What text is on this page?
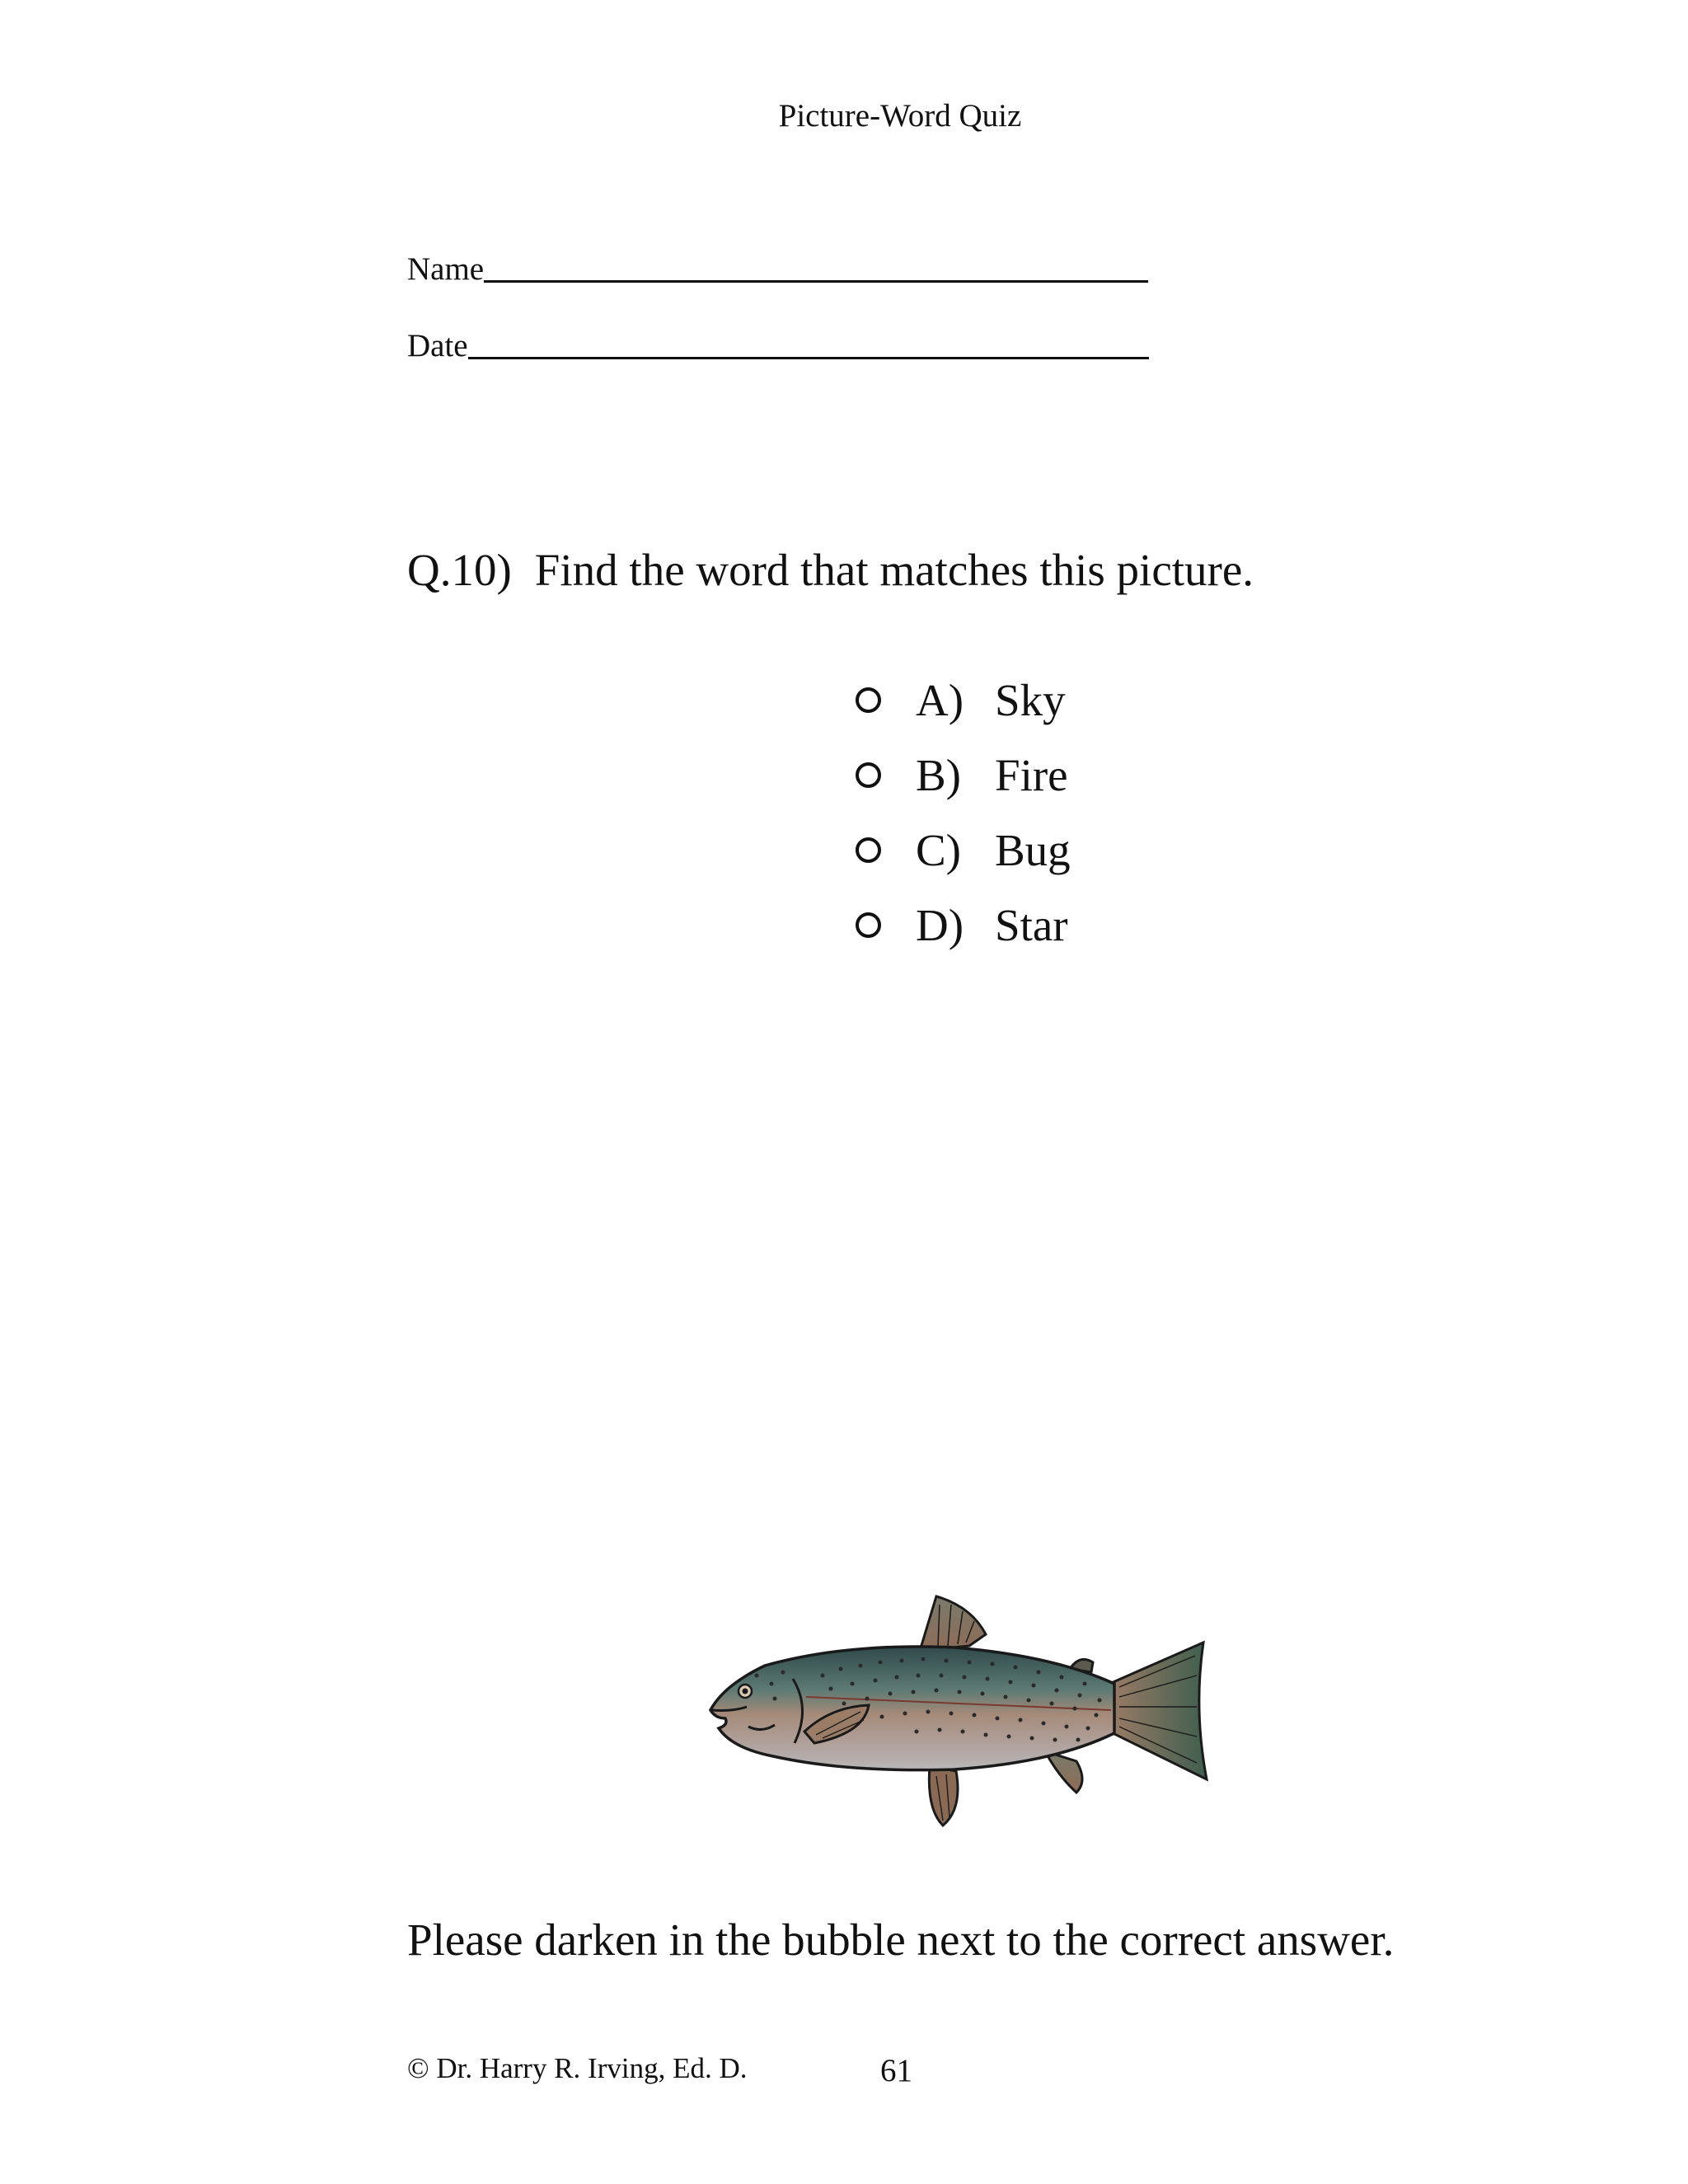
Picture-Word Quiz
Name
Date
Q.10) Find the word that matches this picture.
A) Sky
B) Fire
C) Bug
D) Star
Please darken in the bubble next to the correct answer.
© Dr. Harry R. Irving, Ed. D.	61
